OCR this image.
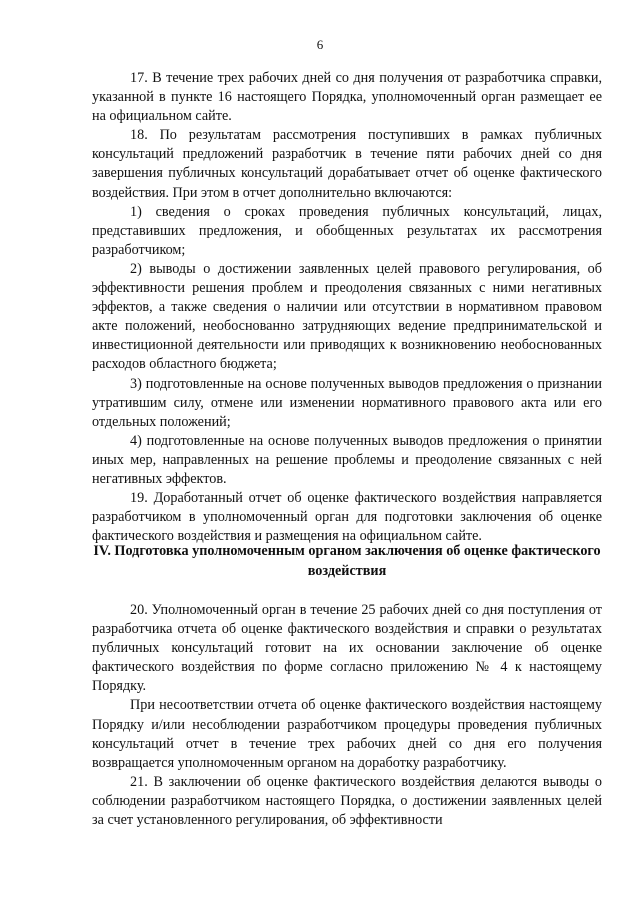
6

17. В течение трех рабочих дней со дня получения от разработчика справки, указанной в пункте 16 настоящего Порядка, уполномоченный орган размещает ее на официальном сайте.

18. По результатам рассмотрения поступивших в рамках публичных консультаций предложений разработчик в течение пяти рабочих дней со дня завершения публичных консультаций дорабатывает отчет об оценке фактического воздействия. При этом в отчет дополнительно включаются:

1) сведения о сроках проведения публичных консультаций, лицах, представивших предложения, и обобщенных результатах их рассмотрения разработчиком;

2) выводы о достижении заявленных целей правового регулирования, об эффективности решения проблем и преодоления связанных с ними негативных эффектов, а также сведения о наличии или отсутствии в нормативном правовом акте положений, необоснованно затрудняющих ведение предпринимательской и инвестиционной деятельности или приводящих к возникновению необоснованных расходов областного бюджета;

3) подготовленные на основе полученных выводов предложения о признании утратившим силу, отмене или изменении нормативного правового акта или его отдельных положений;

4) подготовленные на основе полученных выводов предложения о принятии иных мер, направленных на решение проблемы и преодоление связанных с ней негативных эффектов.

19. Доработанный отчет об оценке фактического воздействия направляется разработчиком в уполномоченный орган для подготовки заключения об оценке фактического воздействия и размещения на официальном сайте.

IV. Подготовка уполномоченным органом заключения об оценке фактического воздействия

20. Уполномоченный орган в течение 25 рабочих дней со дня поступления от разработчика отчета об оценке фактического воздействия и справки о результатах публичных консультаций готовит на их основании заключение об оценке фактического воздействия по форме согласно приложению № 4 к настоящему Порядку.

При несоответствии отчета об оценке фактического воздействия настоящему Порядку и/или несоблюдении разработчиком процедуры проведения публичных консультаций отчет в течение трех рабочих дней со дня его получения возвращается уполномоченным органом на доработку разработчику.

21. В заключении об оценке фактического воздействия делаются выводы о соблюдении разработчиком настоящего Порядка, о достижении заявленных целей за счет установленного регулирования, об эффективности
